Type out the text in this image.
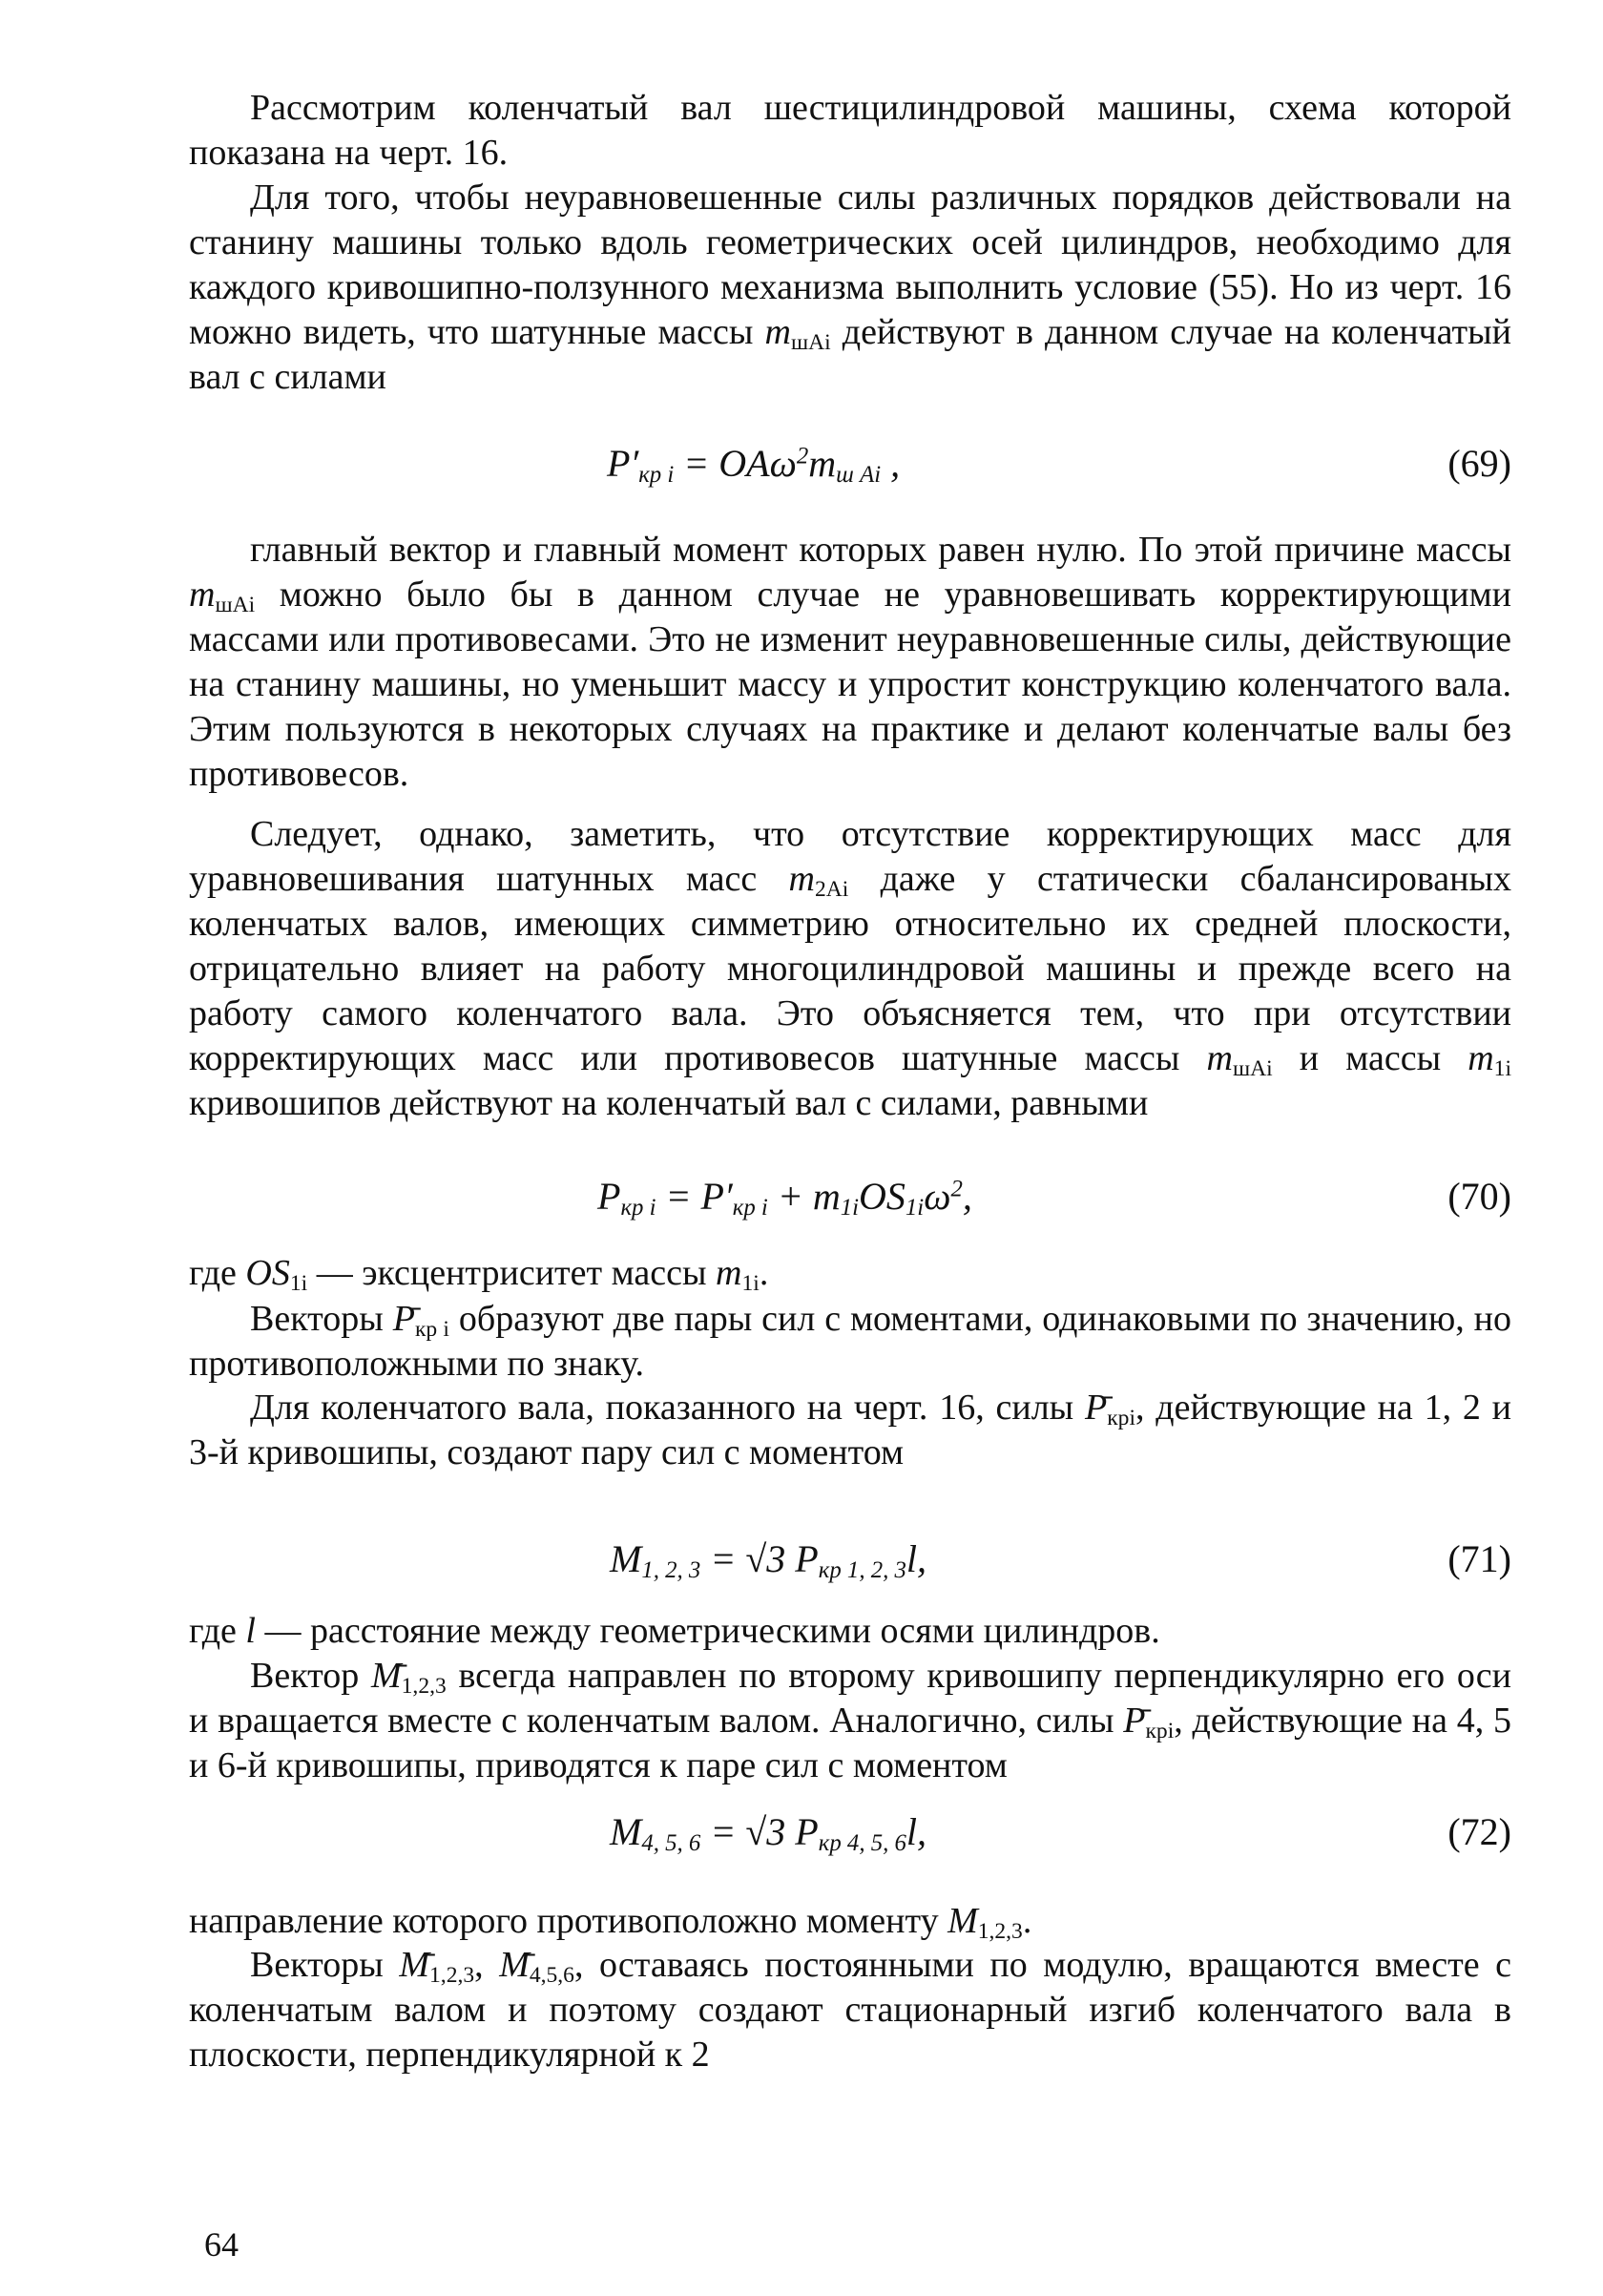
Рассмотрим коленчатый вал шестицилиндровой машины, схема которой показана на черт. 16.
Для того, чтобы неуравновешенные силы различных порядков действовали на станину машины только вдоль геометрических осей цилиндров, необходимо для каждого кривошипно-ползунного механизма выполнить условие (55). Но из черт. 16 можно видеть, что шатунные массы $m_{шAi}$ действуют в данном случае на коленчатый вал с силами
$P'_{кр i} = OA\omega^2m_{ш Ai}$ ,	(69)
главный вектор и главный момент которых равен нулю. По этой причине массы $m_{шAi}$ можно было бы в данном случае не уравновешивать корректирующими массами или противовесами. Это не изменит неуравновешенные силы, действующие на станину машины, но уменьшит массу и упростит конструкцию коленчатого вала. Этим пользуются в некоторых случаях на практике и делают коленчатые валы без противовесов.
Следует, однако, заметить, что отсутствие корректирующих масс для уравновешивания шатунных масс $m_{2Ai}$ даже у статически сбалансированых коленчатых валов, имеющих симметрию относительно их средней плоскости, отрицательно влияет на работу многоцилиндровой машины и прежде всего на работу самого коленчатого вала. Это объясняется тем, что при отсутствии корректирующих масс или противовесов шатунные массы $m_{шAi}$ и массы $m_{1i}$ кривошипов действуют на коленчатый вал с силами, равными
$P_{кр i} = P'_{кр i} + m_{1i}OS_{1i}\omega^2$,	(70)
где $OS_{1i}$ — эксцентриситет массы $m_{1i}$.
Векторы $P_{кр i}$ образуют две пары сил с моментами, одинаковыми по значению, но противоположными по знаку.
Для коленчатого вала, показанного на черт. 16, силы $P_{крi}$, действующие на 1, 2 и 3-й кривошипы, создают пару сил с моментом
$M_{1, 2, 3} = √3$ $P_{кр 1, 2, 3}l$,	(71)
где l — расстояние между геометрическими осями цилиндров.
Вектор $M_{1,2,3}$ всегда направлен по второму кривошипу перпендикулярно его оси и вращается вместе с коленчатым валом. Аналогично, силы $P_{крi}$, действующие на 4, 5 и 6-й кривошипы, приводятся к паре сил с моментом
$M_{4, 5, 6} = √3$ $P_{кр 4, 5, 6}l$,	(72)
направление которого противоположно моменту $M_{1,2,3}$.
Векторы $M_{1,2,3}$, $M_{4,5,6}$, оставаясь постоянными по модулю, вращаются вместе с коленчатым валом и поэтому создают стационарный изгиб коленчатого вала в плоскости, перпендикулярной к 2
64
